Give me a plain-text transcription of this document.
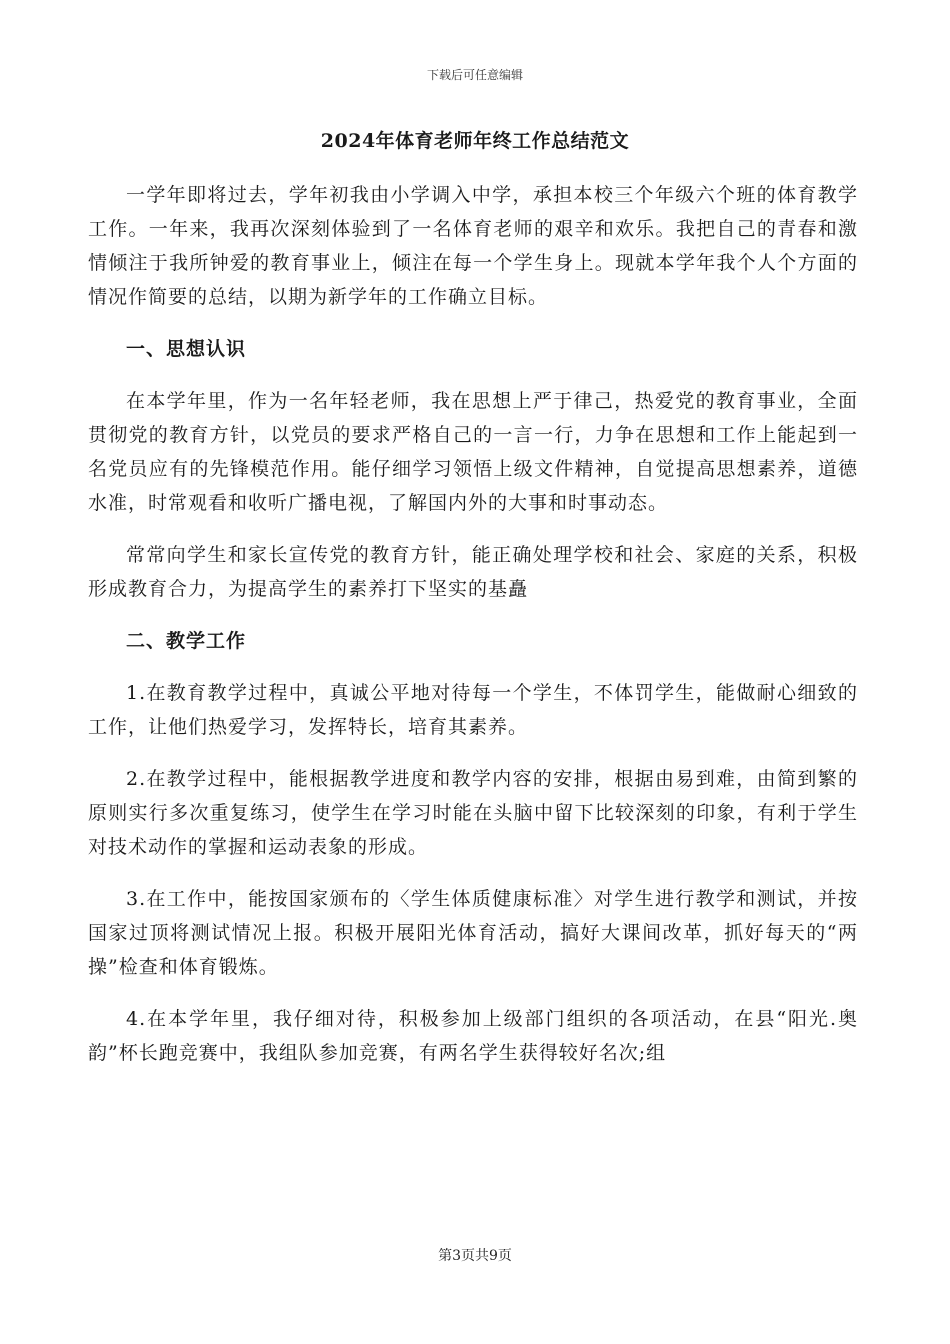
下载后可任意编辑
2024年体育老师年终工作总结范文

一学年即将过去，学年初我由小学调入中学，承担本校三个年级六个班的体育教学工作。一年来，我再次深刻体验到了一名体育老师的艰辛和欢乐。我把自己的青春和激情倾注于我所钟爱的教育事业上，倾注在每一个学生身上。现就本学年我个人个方面的情况作简要的总结，以期为新学年的工作确立目标。

一、思想认识

在本学年里，作为一名年轻老师，我在思想上严于律己，热爱党的教育事业，全面贯彻党的教育方针，以党员的要求严格自己的一言一行，力争在思想和工作上能起到一名党员应有的先锋模范作用。能仔细学习领悟上级文件精神，自觉提高思想素养，道德水准，时常观看和收听广播电视，了解国内外的大事和时事动态。

常常向学生和家长宣传党的教育方针，能正确处理学校和社会、家庭的关系，积极形成教育合力，为提高学生的素养打下坚实的基矗

二、教学工作

1.在教育教学过程中，真诚公平地对待每一个学生，不体罚学生，能做耐心细致的工作，让他们热爱学习，发挥特长，培育其素养。

2.在教学过程中，能根据教学进度和教学内容的安排，根据由易到难，由简到繁的原则实行多次重复练习，使学生在学习时能在头脑中留下比较深刻的印象，有利于学生对技术动作的掌握和运动表象的形成。

3.在工作中，能按国家颁布的〈学生体质健康标准〉对学生进行教学和测试，并按国家过顶将测试情况上报。积极开展阳光体育活动，搞好大课间改革，抓好每天的“两操”检查和体育锻炼。

4.在本学年里，我仔细对待，积极参加上级部门组织的各项活动，在县“阳光.奥韵”杯长跑竞赛中，我组队参加竞赛，有两名学生获得较好名次;组

第3页共9页
